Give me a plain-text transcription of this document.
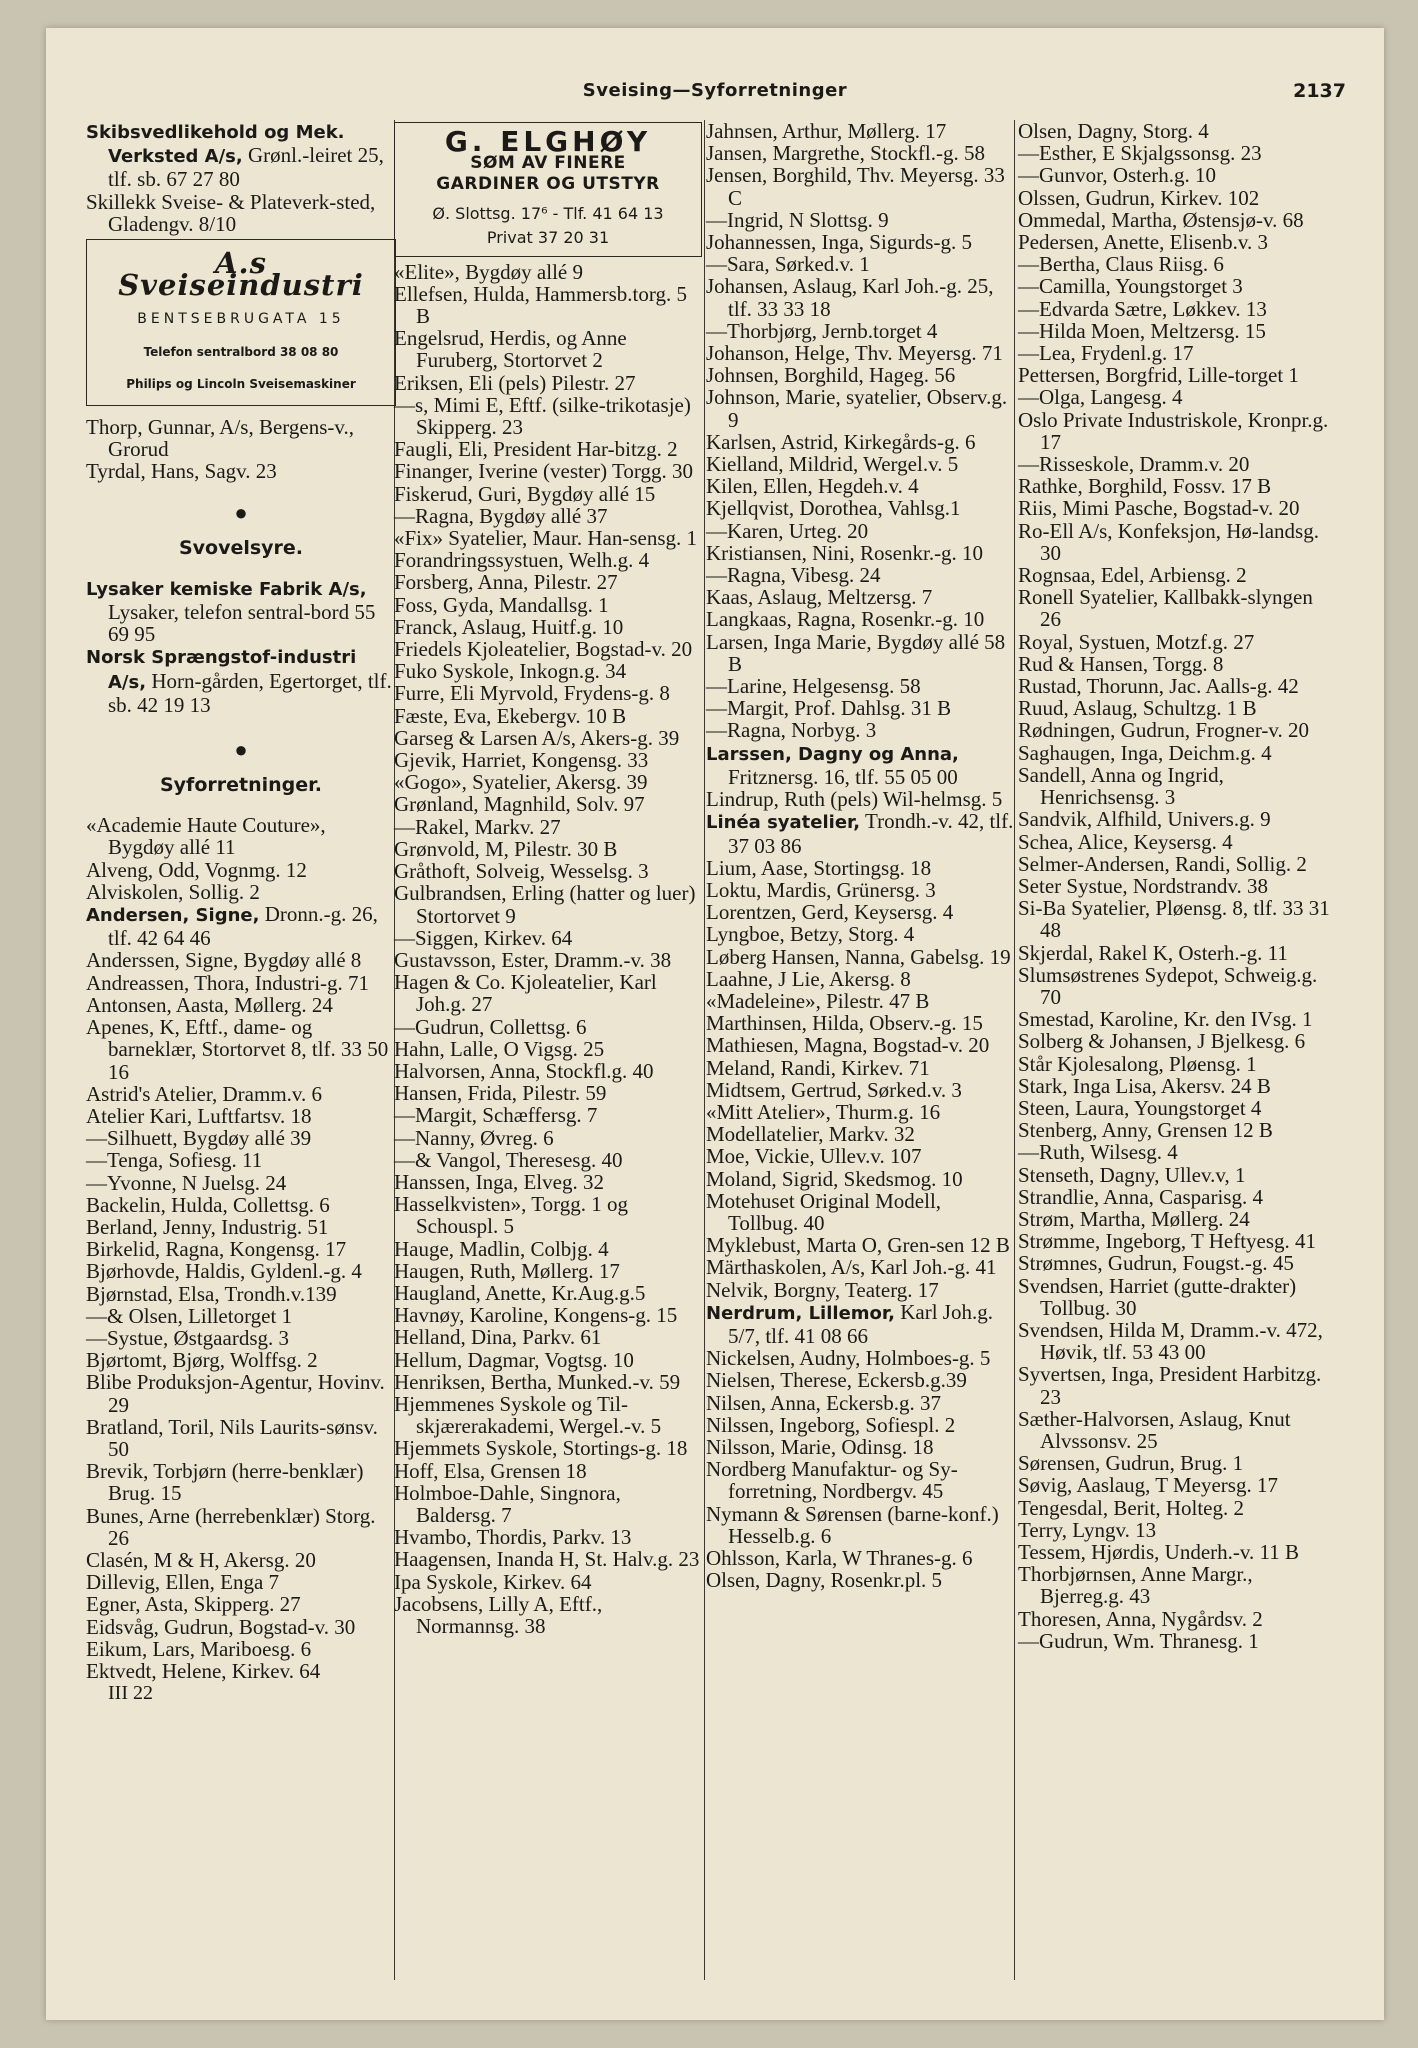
Sveising—Syforretninger	2137
Skibsvedlikehold og Mek. Verksted A/s, Grønl.-leiret 25, tlf. sb. 67 27 80
Skillekk Sveise- & Plateverk-sted, Gladengv. 8/10
A.s Sveiseindustri
BENTSEBRUGATA 15
Telefon sentralbord 38 08 80
Philips og Lincoln Sveisemaskiner
Thorp, Gunnar, A/s, Bergens-v., Grorud
Tyrdal, Hans, Sagv. 23
●
Svovelsyre.
Lysaker kemiske Fabrik A/s, Lysaker, telefon sentral-bord 55 69 95
Norsk Sprængstof-industri A/s, Horn-gården, Egertorget, tlf. sb. 42 19 13
●
Syforretninger.
«Academie Haute Couture», Bygdøy allé 11
Alveng, Odd, Vognmg. 12
Alviskolen, Sollig. 2
Andersen, Signe, Dronn.-g. 26, tlf. 42 64 46
Anderssen, Signe, Bygdøy allé 8
Andreassen, Thora, Industri-g. 71
Antonsen, Aasta, Møllerg. 24
Apenes, K, Eftf., dame- og barneklær, Stortorvet 8, tlf. 33 50 16
Astrid's Atelier, Dramm.v. 6
Atelier Kari, Luftfartsv. 18
—Silhuett, Bygdøy allé 39
—Tenga, Sofiesg. 11
—Yvonne, N Juelsg. 24
Backelin, Hulda, Collettsg. 6
Berland, Jenny, Industrig. 51
Birkelid, Ragna, Kongensg. 17
Bjørhovde, Haldis, Gyldenl.-g. 4
Bjørnstad, Elsa, Trondh.v.139
—& Olsen, Lilletorget 1
—Systue, Østgaardsg. 3
Bjørtomt, Bjørg, Wolffsg. 2
Blibe Produksjon-Agentur, Hovinv. 29
Bratland, Toril, Nils Laurits-sønsv. 50
Brevik, Torbjørn (herre-benklær) Brug. 15
Bunes, Arne (herrebenklær) Storg. 26
Clasén, M & H, Akersg. 20
Dillevig, Ellen, Enga 7
Egner, Asta, Skipperg. 27
Eidsvåg, Gudrun, Bogstad-v. 30
Eikum, Lars, Mariboesg. 6
Ektvedt, Helene, Kirkev. 64
III 22
G. ELGHØY
SØM AV FINERE
GARDINER OG UTSTYR
Ø. Slottsg. 17⁶ - Tlf. 41 64 13
Privat 37 20 31
«Elite», Bygdøy allé 9
Ellefsen, Hulda, Hammersb.torg. 5 B
Engelsrud, Herdis, og Anne Furuberg, Stortorvet 2
Eriksen, Eli (pels) Pilestr. 27
—s, Mimi E, Eftf. (silke-trikotasje) Skipperg. 23
Faugli, Eli, President Har-bitzg. 2
Finanger, Iverine (vester) Torgg. 30
Fiskerud, Guri, Bygdøy allé 15
—Ragna, Bygdøy allé 37
«Fix» Syatelier, Maur. Han-sensg. 1
Forandringssystuen, Welh.g. 4
Forsberg, Anna, Pilestr. 27
Foss, Gyda, Mandallsg. 1
Franck, Aslaug, Huitf.g. 10
Friedels Kjoleatelier, Bogstad-v. 20
Fuko Syskole, Inkogn.g. 34
Furre, Eli Myrvold, Frydens-g. 8
Fæste, Eva, Ekebergv. 10 B
Garseg & Larsen A/s, Akers-g. 39
Gjevik, Harriet, Kongensg. 33
«Gogo», Syatelier, Akersg. 39
Grønland, Magnhild, Solv. 97
—Rakel, Markv. 27
Grønvold, M, Pilestr. 30 B
Gråthoft, Solveig, Wesselsg. 3
Gulbrandsen, Erling (hatter og luer) Stortorvet 9
—Siggen, Kirkev. 64
Gustavsson, Ester, Dramm.-v. 38
Hagen & Co. Kjoleatelier, Karl Joh.g. 27
—Gudrun, Collettsg. 6
Hahn, Lalle, O Vigsg. 25
Halvorsen, Anna, Stockfl.g. 40
Hansen, Frida, Pilestr. 59
—Margit, Schæffersg. 7
—Nanny, Øvreg. 6
—& Vangol, Theresesg. 40
Hanssen, Inga, Elveg. 32
Hasselkvisten», Torgg. 1 og Schouspl. 5
Hauge, Madlin, Colbjg. 4
Haugen, Ruth, Møllerg. 17
Haugland, Anette, Kr.Aug.g.5
Havnøy, Karoline, Kongens-g. 15
Helland, Dina, Parkv. 61
Hellum, Dagmar, Vogtsg. 10
Henriksen, Bertha, Munked.-v. 59
Hjemmenes Syskole og Til-skjærerakademi, Wergel.-v. 5
Hjemmets Syskole, Stortings-g. 18
Hoff, Elsa, Grensen 18
Holmboe-Dahle, Singnora, Baldersg. 7
Hvambo, Thordis, Parkv. 13
Haagensen, Inanda H, St. Halv.g. 23
Ipa Syskole, Kirkev. 64
Jacobsens, Lilly A, Eftf., Normannsg. 38
Jahnsen, Arthur, Møllerg. 17
Jansen, Margrethe, Stockfl.-g. 58
Jensen, Borghild, Thv. Meyersg. 33 C
—Ingrid, N Slottsg. 9
Johannessen, Inga, Sigurds-g. 5
—Sara, Sørked.v. 1
Johansen, Aslaug, Karl Joh.-g. 25, tlf. 33 33 18
—Thorbjørg, Jernb.torget 4
Johanson, Helge, Thv. Meyersg. 71
Johnsen, Borghild, Hageg. 56
Johnson, Marie, syatelier, Observ.g. 9
Karlsen, Astrid, Kirkegårds-g. 6
Kielland, Mildrid, Wergel.v. 5
Kilen, Ellen, Hegdeh.v. 4
Kjellqvist, Dorothea, Vahlsg.1
—Karen, Urteg. 20
Kristiansen, Nini, Rosenkr.-g. 10
—Ragna, Vibesg. 24
Kaas, Aslaug, Meltzersg. 7
Langkaas, Ragna, Rosenkr.-g. 10
Larsen, Inga Marie, Bygdøy allé 58 B
—Larine, Helgesensg. 58
—Margit, Prof. Dahlsg. 31 B
—Ragna, Norbyg. 3
Larssen, Dagny og Anna, Fritznersg. 16, tlf. 55 05 00
Lindrup, Ruth (pels) Wil-helmsg. 5
Linéa syatelier, Trondh.-v. 42, tlf. 37 03 86
Lium, Aase, Stortingsg. 18
Loktu, Mardis, Grünersg. 3
Lorentzen, Gerd, Keysersg. 4
Lyngboe, Betzy, Storg. 4
Løberg Hansen, Nanna, Gabelsg. 19
Laahne, J Lie, Akersg. 8
«Madeleine», Pilestr. 47 B
Marthinsen, Hilda, Observ.-g. 15
Mathiesen, Magna, Bogstad-v. 20
Meland, Randi, Kirkev. 71
Midtsem, Gertrud, Sørked.v. 3
«Mitt Atelier», Thurm.g. 16
Modellatelier, Markv. 32
Moe, Vickie, Ullev.v. 107
Moland, Sigrid, Skedsmog. 10
Motehuset Original Modell, Tollbug. 40
Myklebust, Marta O, Gren-sen 12 B
Märthaskolen, A/s, Karl Joh.-g. 41
Nelvik, Borgny, Teaterg. 17
Nerdrum, Lillemor, Karl Joh.g. 5/7, tlf. 41 08 66
Nickelsen, Audny, Holmboes-g. 5
Nielsen, Therese, Eckersb.g.39
Nilsen, Anna, Eckersb.g. 37
Nilssen, Ingeborg, Sofiespl. 2
Nilsson, Marie, Odinsg. 18
Nordberg Manufaktur- og Sy-forretning, Nordbergv. 45
Nymann & Sørensen (barne-konf.) Hesselb.g. 6
Ohlsson, Karla, W Thranes-g. 6
Olsen, Dagny, Rosenkr.pl. 5
Olsen, Dagny, Storg. 4
—Esther, E Skjalgssonsg. 23
—Gunvor, Osterh.g. 10
Olssen, Gudrun, Kirkev. 102
Ommedal, Martha, Østensjø-v. 68
Pedersen, Anette, Elisenb.v. 3
—Bertha, Claus Riisg. 6
—Camilla, Youngstorget 3
—Edvarda Sætre, Løkkev. 13
—Hilda Moen, Meltzersg. 15
—Lea, Frydenl.g. 17
Pettersen, Borgfrid, Lille-torget 1
—Olga, Langesg. 4
Oslo Private Industriskole, Kronpr.g. 17
—Risseskole, Dramm.v. 20
Rathke, Borghild, Fossv. 17 B
Riis, Mimi Pasche, Bogstad-v. 20
Ro-Ell A/s, Konfeksjon, Hø-landsg. 30
Rognsaa, Edel, Arbiensg. 2
Ronell Syatelier, Kallbakk-slyngen 26
Royal, Systuen, Motzf.g. 27
Rud & Hansen, Torgg. 8
Rustad, Thorunn, Jac. Aalls-g. 42
Ruud, Aslaug, Schultzg. 1 B
Rødningen, Gudrun, Frogner-v. 20
Saghaugen, Inga, Deichm.g. 4
Sandell, Anna og Ingrid, Henrichsensg. 3
Sandvik, Alfhild, Univers.g. 9
Schea, Alice, Keysersg. 4
Selmer-Andersen, Randi, Sollig. 2
Seter Systue, Nordstrandv. 38
Si-Ba Syatelier, Pløensg. 8, tlf. 33 31 48
Skjerdal, Rakel K, Osterh.-g. 11
Slumsøstrenes Sydepot, Schweig.g. 70
Smestad, Karoline, Kr. den IVsg. 1
Solberg & Johansen, J Bjelkesg. 6
Står Kjolesalong, Pløensg. 1
Stark, Inga Lisa, Akersv. 24 B
Steen, Laura, Youngstorget 4
Stenberg, Anny, Grensen 12 B
—Ruth, Wilsesg. 4
Stenseth, Dagny, Ullev.v, 1
Strandlie, Anna, Casparisg. 4
Strøm, Martha, Møllerg. 24
Strømme, Ingeborg, T Heftyesg. 41
Strømnes, Gudrun, Fougst.-g. 45
Svendsen, Harriet (gutte-drakter) Tollbug. 30
Svendsen, Hilda M, Dramm.-v. 472, Høvik, tlf. 53 43 00
Syvertsen, Inga, President Harbitzg. 23
Sæther-Halvorsen, Aslaug, Knut Alvssonsv. 25
Sørensen, Gudrun, Brug. 1
Søvig, Aaslaug, T Meyersg. 17
Tengesdal, Berit, Holteg. 2
Terry, Lyngv. 13
Tessem, Hjørdis, Underh.-v. 11 B
Thorbjørnsen, Anne Margr., Bjerreg.g. 43
Thoresen, Anna, Nygårdsv. 2
—Gudrun, Wm. Thranesg. 1
